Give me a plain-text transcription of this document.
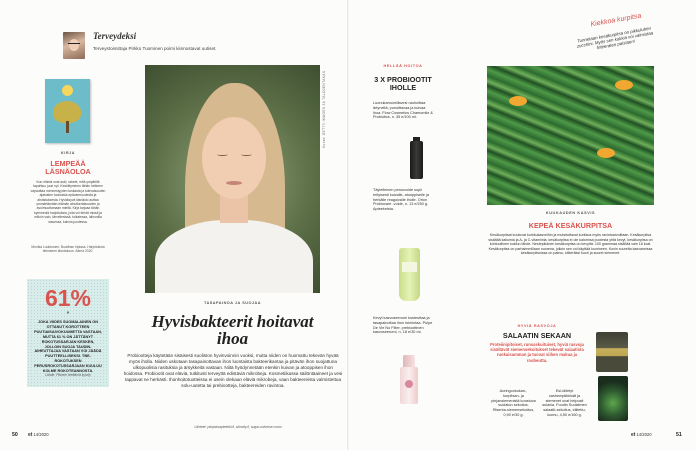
Terveydeksi
Terveystoimittaja Pirkko Tuominen poimi kiinnostavat uutiset.
KIRJA
LEMPEÄÄ LÄSNÄOLOA
Kun elämä ovat auki, rakeet, mitä ympärillä tapahtuu juuri nyt. Keskittyminen tähän hetkeen vapauttaa mennestyyden tuskasta ja tulevaisuuden ajatusten tuomasta epävarmuudesta ja ahdistuksesta. Hyväksyvä läsnäolo auttaa ymmärtämään elämän ainutkertaisuuden ja avoimuuttamaan mieltä. Kirja tarjoaa tähän kymmeniä harjoituksia, joita voi tehdä missä ja milloin vain, tärveliesissä, toikatessa, laihunilla sisuessa, kahvia juodessa.
Monika Luukkonen: Buddhan hipiasa. Harjoituksia tietoiseen läsnäoloon. Atena 2020.
61%
*
JOKA VIIDES SUOMALAINEN ON OTTANUT KOROTTEEN PUUTIAISAIVOKUUMETTA VASTAAN, MUTTA 61 % ON JÄTTÄNYT ROKOTUSSARJAN KESKEN, JOLLOIN SUOJA TAUDIN-AIHEUTTAJAA VASTAAN VOI JÄÄDÄ PUUTTEELLISEKSI. TBE-ROKOTUKSEN PERUSROKOTUSSARJAAN KUULUU KOLME ROKOTEANNOSTA.
Lähde: Pfizerin teettämä kysely
Kuvat: GETTY IMAGES JA TALOJENTAKAS
TASAPAINOA JA SUOJAA
Hyvisbakteerit hoitavat ihoa
Probiootteja käytetään sisäisesti suoliston hyvinvoinnin vuoksi, mutta niiden on huomattu tekevän hyvää myös iholla. Niiden uskotaan tasapainottavan ihon luontaista bakteerikantaa ja pitävän ihon suojattuna ulkopuolisia rasituksia ja ärsykkeitä vastaan. Niitä hyödynnetään etenkin kuivan ja atooppisen ihon hoidossa. Probiootit ovat eläviä, tutkitusti terveyttä edistäviä mikrobeja. Kosmetiikassa säilöntäaineet ja vesi tappavat ne herkästi. Ihonhoitotuotteissa ei usein olekaan eläviä mikrobeja, vaan bakteereista valmistettua solu-uutetta tai prebiootteja, bakteereiden ravintoa.
Lähteet: yliopistoapteekki.fi, skincity.fi, sugar-universe.como
HELLÄÄ HOITOA
3 X PROBIOOTIT IHOLLE
Luonukamomillavesi rauhoittaa ärtyneitä, punoittavaa ja kuivaa ihoa. Flow Cosmetics Chamomile & Probiotics, n. 35 e/100 ml.
Täytelleinen perusvoide sopii erityisesti kuivalle, atooppiselle ja herkälle reagoivalle iholle. Orion Probiocare -voide, n. 13 e/250 g. Apteekeista.
Kevyt kasvoseerumi kosteuttaa ja tasapainottaa ihon toimintaa. Pulpe De Vie No Filter, prebioottinen kasvoseerumi, n. 18 e/30 ml.
Kiekkoa kurpitsa
Tunnetaan kesäkurpitsa on pikkuluhen zucchini. Myös sen kukkia voi valmistaa friteeraten paistaen!
KUUKAUDEN KASVIS
KEPEÄ KESÄKURPITSA
Kesäkurpitsat kuuluvat kurkkukasveihin ja mutsituttavat kurkkua myös ravintoarvoiltaan. Kesäkurpitsa sisältää kaliumia ja A- ja C-vitamiinia, kesäkurpitsa ei ole kalorinsa puolesta yhtä kevyt, kesäkurpitsa on kohtuullinen kuidun lähde. Nestepitoinen kesäkurpitsa on kevyttä: 100 grammaa sisältää vain 18 kcal. Kesäkurpitsa on parhaimmillaan nuorena, jolloin sen voi käyttää kuorineen. Kovin suurelta kasvaneissa kesäkurpitsoissa on paksu, kitkeräksi kuori ja suuret siemenet.
HYVIÄ RASVOJA
SALAATIN SEKAAN
Proteiinipitoiset, runsaskuituiset, hyviä rasvoja sisältävät siemensekoitukset tekevät salaatista ruokaisamman ja tuovat siihen makua ja rouheutta.
Auringonkukan-, kurpitsan- ja pinjansiemenistä koostuva suolaton sekoitus. Risenta-siemensekoitus, 0,90 e/30 g.
Esi-iditetyt cashewpähkinät ja siemenet ovat helposti sulavia. Foodin Suolaimen salaatti-sekoitus, idiitettu, luomu, 4,50 e/160 g.
50 et14/2020	et14/2020	51
